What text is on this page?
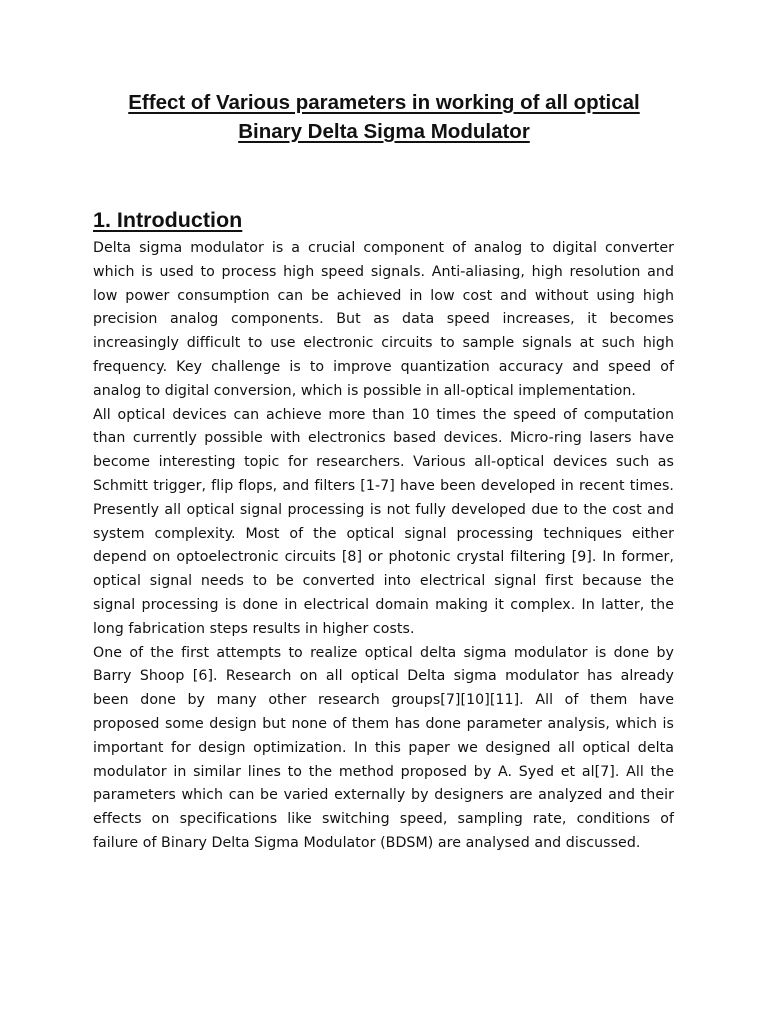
Effect of Various parameters in working of all optical
Binary Delta Sigma Modulator
1. Introduction
Delta sigma modulator is a crucial component of analog to digital converter
which is used to process high speed signals. Anti-aliasing, high resolution and
low power consumption can be achieved in low cost and without using high
precision analog components. But as data speed increases, it becomes
increasingly difficult to use electronic circuits to sample signals at such high
frequency. Key challenge is to improve quantization accuracy and speed of
analog to digital conversion, which is possible in all-optical implementation.
All optical devices can achieve more than 10 times the speed of computation
than currently possible with electronics based devices. Micro-ring lasers have
become interesting topic for researchers. Various all-optical devices such as
Schmitt trigger, flip flops, and filters [1-7] have been developed in recent times.
Presently all optical signal processing is not fully developed due to the cost and
system complexity. Most of the optical signal processing techniques either
depend on optoelectronic circuits [8] or photonic crystal filtering [9]. In former,
optical signal needs to be converted into electrical signal first because the
signal processing is done in electrical domain making it complex. In latter, the
long fabrication steps results in higher costs.
One of the first attempts to realize optical delta sigma modulator is done by
Barry Shoop [6]. Research on all optical Delta sigma modulator has already
been done by many other research groups[7][10][11]. All of them have
proposed some design but none of them has done parameter analysis, which is
important for design optimization. In this paper we designed all optical delta
modulator in similar lines to the method proposed by A. Syed et al[7]. All the
parameters which can be varied externally by designers are analyzed and their
effects on specifications like switching speed, sampling rate, conditions of
failure of Binary Delta Sigma Modulator (BDSM) are analysed and discussed.
